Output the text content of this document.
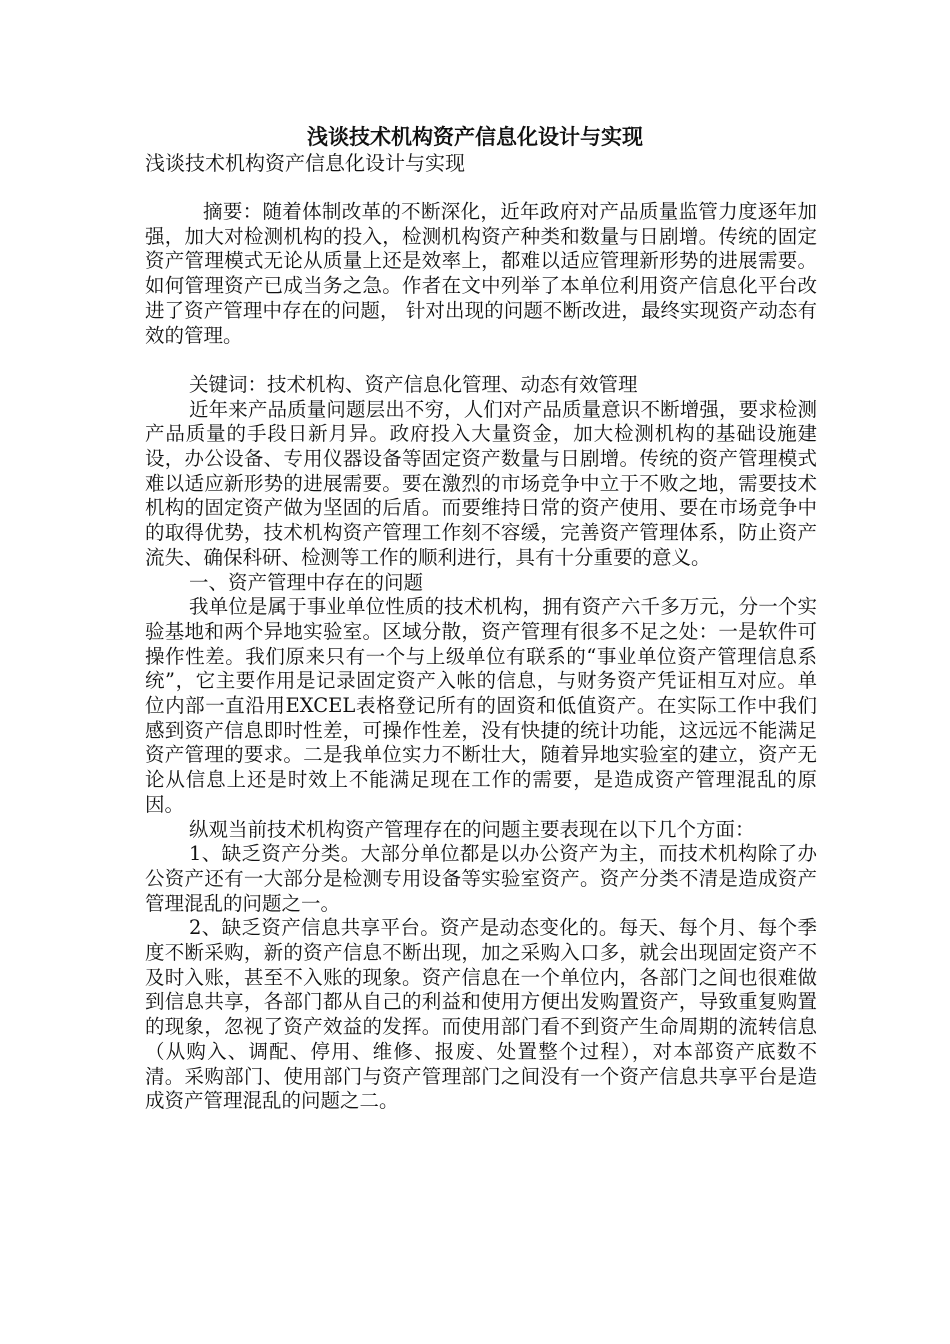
浅谈技术机构资产信息化设计与实现
浅谈技术机构资产信息化设计与实现

摘要：随着体制改革的不断深化，近年政府对产品质量监管力度逐年加强，加大对检测机构的投入，检测机构资产种类和数量与日剧增。传统的固定资产管理模式无论从质量上还是效率上，都难以适应管理新形势的进展需要。如何管理资产已成当务之急。作者在文中列举了本单位利用资产信息化平台改进了资产管理中存在的问题， 针对出现的问题不断改进，最终实现资产动态有效的管理。

关键词：技术机构、资产信息化管理、动态有效管理

近年来产品质量问题层出不穷，人们对产品质量意识不断增强，要求检测产品质量的手段日新月异。政府投入大量资金，加大检测机构的基础设施建设，办公设备、专用仪器设备等固定资产数量与日剧增。传统的资产管理模式难以适应新形势的进展需要。要在激烈的市场竞争中立于不败之地，需要技术机构的固定资产做为坚固的后盾。而要维持日常的资产使用、要在市场竞争中的取得优势，技术机构资产管理工作刻不容缓，完善资产管理体系，防止资产流失、确保科研、检测等工作的顺利进行，具有十分重要的意义。

一、资产管理中存在的问题

我单位是属于事业单位性质的技术机构，拥有资产六千多万元，分一个实验基地和两个异地实验室。区域分散，资产管理有很多不足之处：一是软件可操作性差。我们原来只有一个与上级单位有联系的“事业单位资产管理信息系统”，它主要作用是记录固定资产入帐的信息，与财务资产凭证相互对应。单位内部一直沿用EXCEL表格登记所有的固资和低值资产。在实际工作中我们感到资产信息即时性差，可操作性差，没有快捷的统计功能，这远远不能满足资产管理的要求。二是我单位实力不断壮大，随着异地实验室的建立，资产无论从信息上还是时效上不能满足现在工作的需要，是造成资产管理混乱的原因。

纵观当前技术机构资产管理存在的问题主要表现在以下几个方面：

1、缺乏资产分类。大部分单位都是以办公资产为主，而技术机构除了办公资产还有一大部分是检测专用设备等实验室资产。资产分类不清是造成资产管理混乱的问题之一。

2、缺乏资产信息共享平台。资产是动态变化的。每天、每个月、每个季度不断采购，新的资产信息不断出现，加之采购入口多，就会出现固定资产不及时入账，甚至不入账的现象。资产信息在一个单位内，各部门之间也很难做到信息共享，各部门都从自己的利益和使用方便出发购置资产，导致重复购置的现象，忽视了资产效益的发挥。而使用部门看不到资产生命周期的流转信息（从购入、调配、停用、维修、报废、处置整个过程），对本部资产底数不清。采购部门、使用部门与资产管理部门之间没有一个资产信息共享平台是造成资产管理混乱的问题之二。
